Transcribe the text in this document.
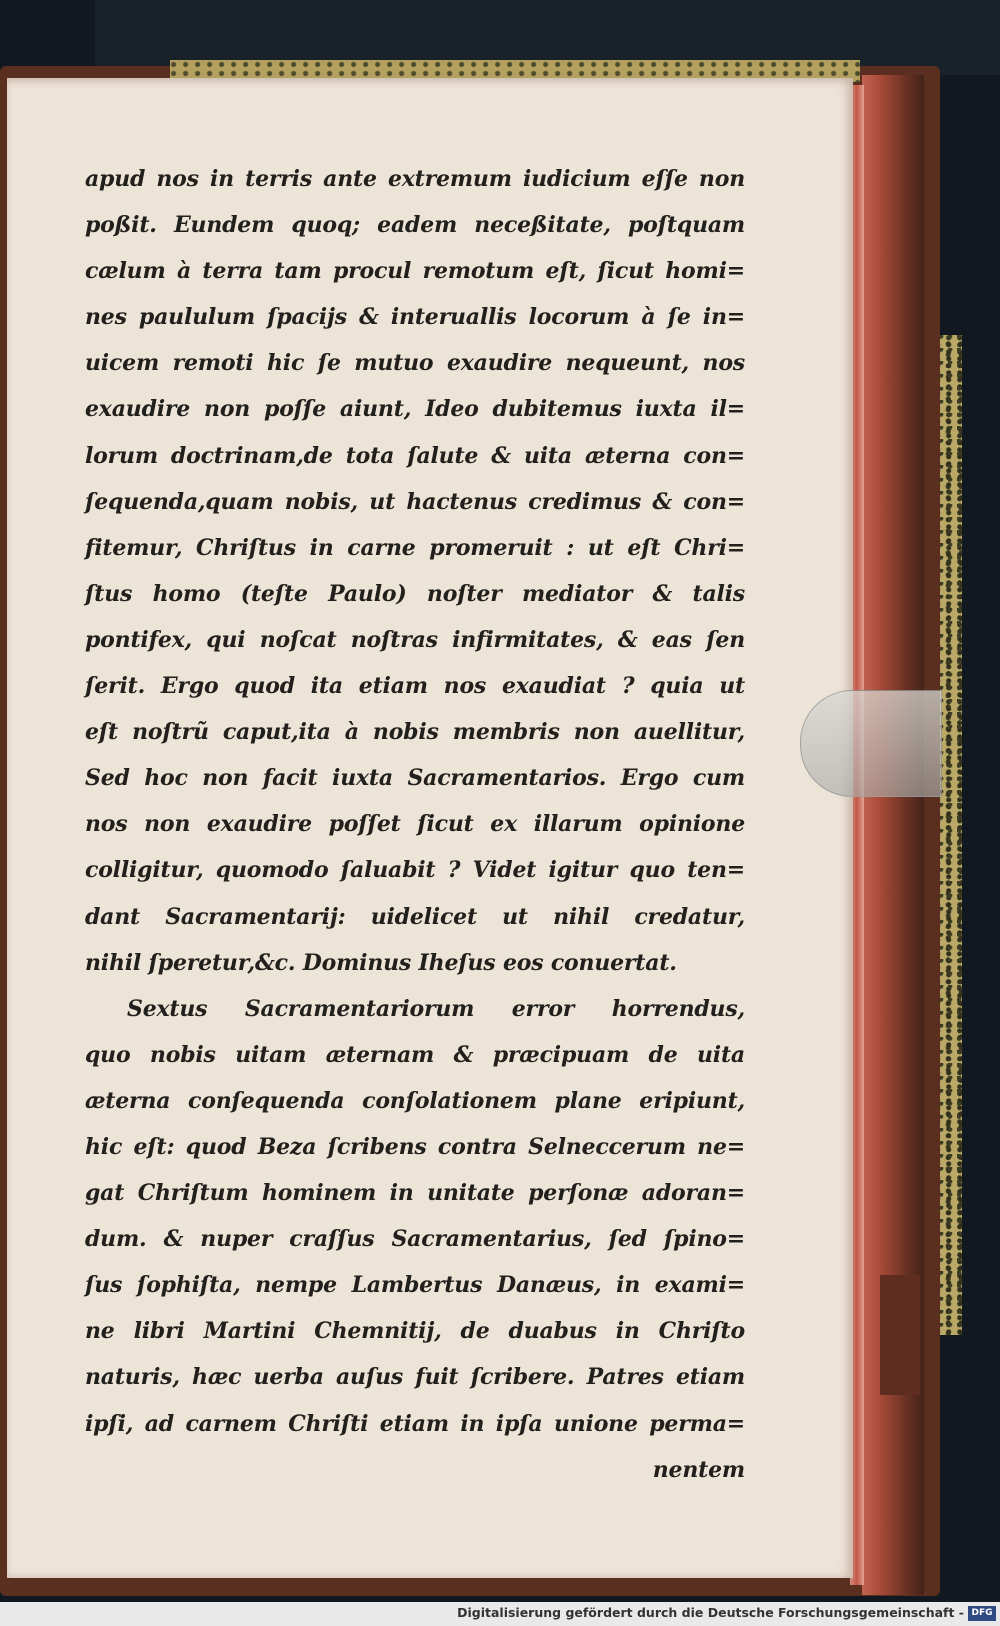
apud nos in terris ante extremum iudicium eſſe non
poßit. Eundem quoq; eadem neceßitate, poſtquam
cælum à terra tam procul remotum eſt, ſicut homi=
nes paululum ſpacijs & interuallis locorum à ſe in=
uicem remoti hic ſe mutuo exaudire nequeunt, nos
exaudire non poſſe aiunt, Ideo dubitemus iuxta il=
lorum doctrinam,de tota ſalute & uita æterna con=
ſequenda,quam nobis, ut hactenus credimus & con=
fitemur, Chriſtus in carne promeruit : ut eſt Chri=
ſtus homo (teſte Paulo) noſter mediator & talis
pontifex, qui noſcat noſtras infirmitates, & eas ſen
ſerit. Ergo quod ita etiam nos exaudiat ? quia ut
eſt noſtrũ caput,ita à nobis membris non auellitur,
Sed hoc non facit iuxta Sacramentarios. Ergo cum
nos non exaudire poſſet ſicut ex illarum opinione
colligitur, quomodo ſaluabit ? Videt igitur quo ten=
dant Sacramentarij: uidelicet ut nihil credatur,
nihil ſperetur,&c. Dominus Iheſus eos conuertat.
Sextus Sacramentariorum error horrendus,
quo nobis uitam æternam & præcipuam de uita
æterna conſequenda conſolationem plane eripiunt,
hic eſt: quod Beza ſcribens contra Selneccerum ne=
gat Chriſtum hominem in unitate perſonæ adoran=
dum. & nuper craſſus Sacramentarius, ſed ſpino=
ſus ſophiſta, nempe Lambertus Danæus, in exami=
ne libri Martini Chemnitij, de duabus in Chriſto
naturis, hæc uerba auſus fuit ſcribere. Patres etiam
ipſi, ad carnem Chriſti etiam in ipſa unione perma=
nentem
Digitalisierung gefördert durch die Deutsche Forschungsgemeinschaft - DFG
